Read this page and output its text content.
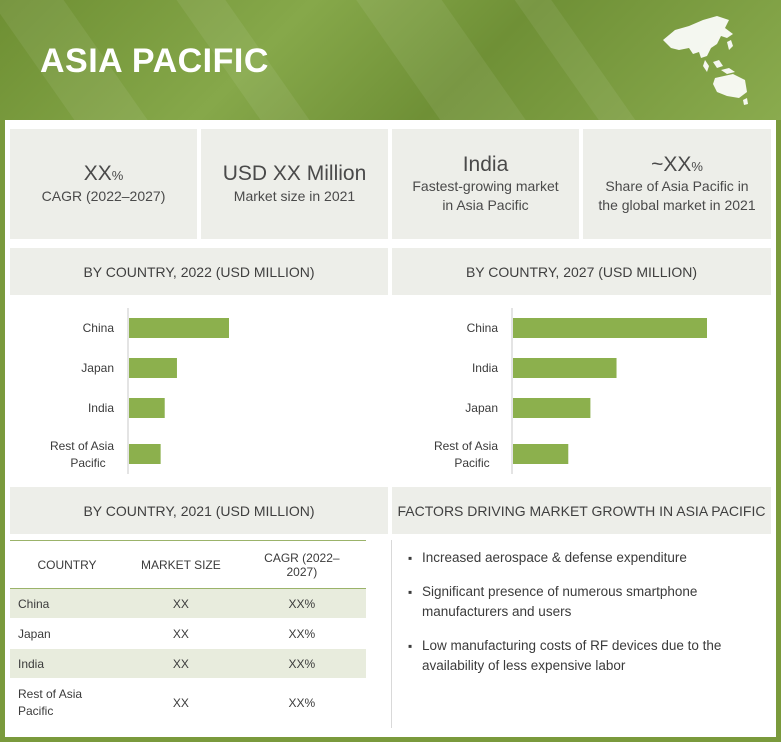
ASIA PACIFIC
XX%
CAGR (2022–2027)
USD XX Million
Market size in 2021
India
Fastest-growing market
in Asia Pacific
~XX%
Share of Asia Pacific in
the global market in 2021
BY COUNTRY, 2022 (USD MILLION)	BY COUNTRY, 2027 (USD MILLION)
China
Japan
India
Rest of Asia
Pacific
China
India
Japan
Rest of Asia
Pacific
BY COUNTRY, 2021 (USD MILLION)	FACTORS DRIVING MARKET GROWTH IN ASIA PACIFIC
COUNTRY	MARKET SIZE	CAGR (2022–2027)
China	XX	XX%
Japan	XX	XX%
India	XX	XX%
Rest of Asia Pacific	XX	XX%
▪ Increased aerospace & defense expenditure
▪ Significant presence of numerous smartphone manufacturers and users
▪ Low manufacturing costs of RF devices due to the availability of less expensive labor
